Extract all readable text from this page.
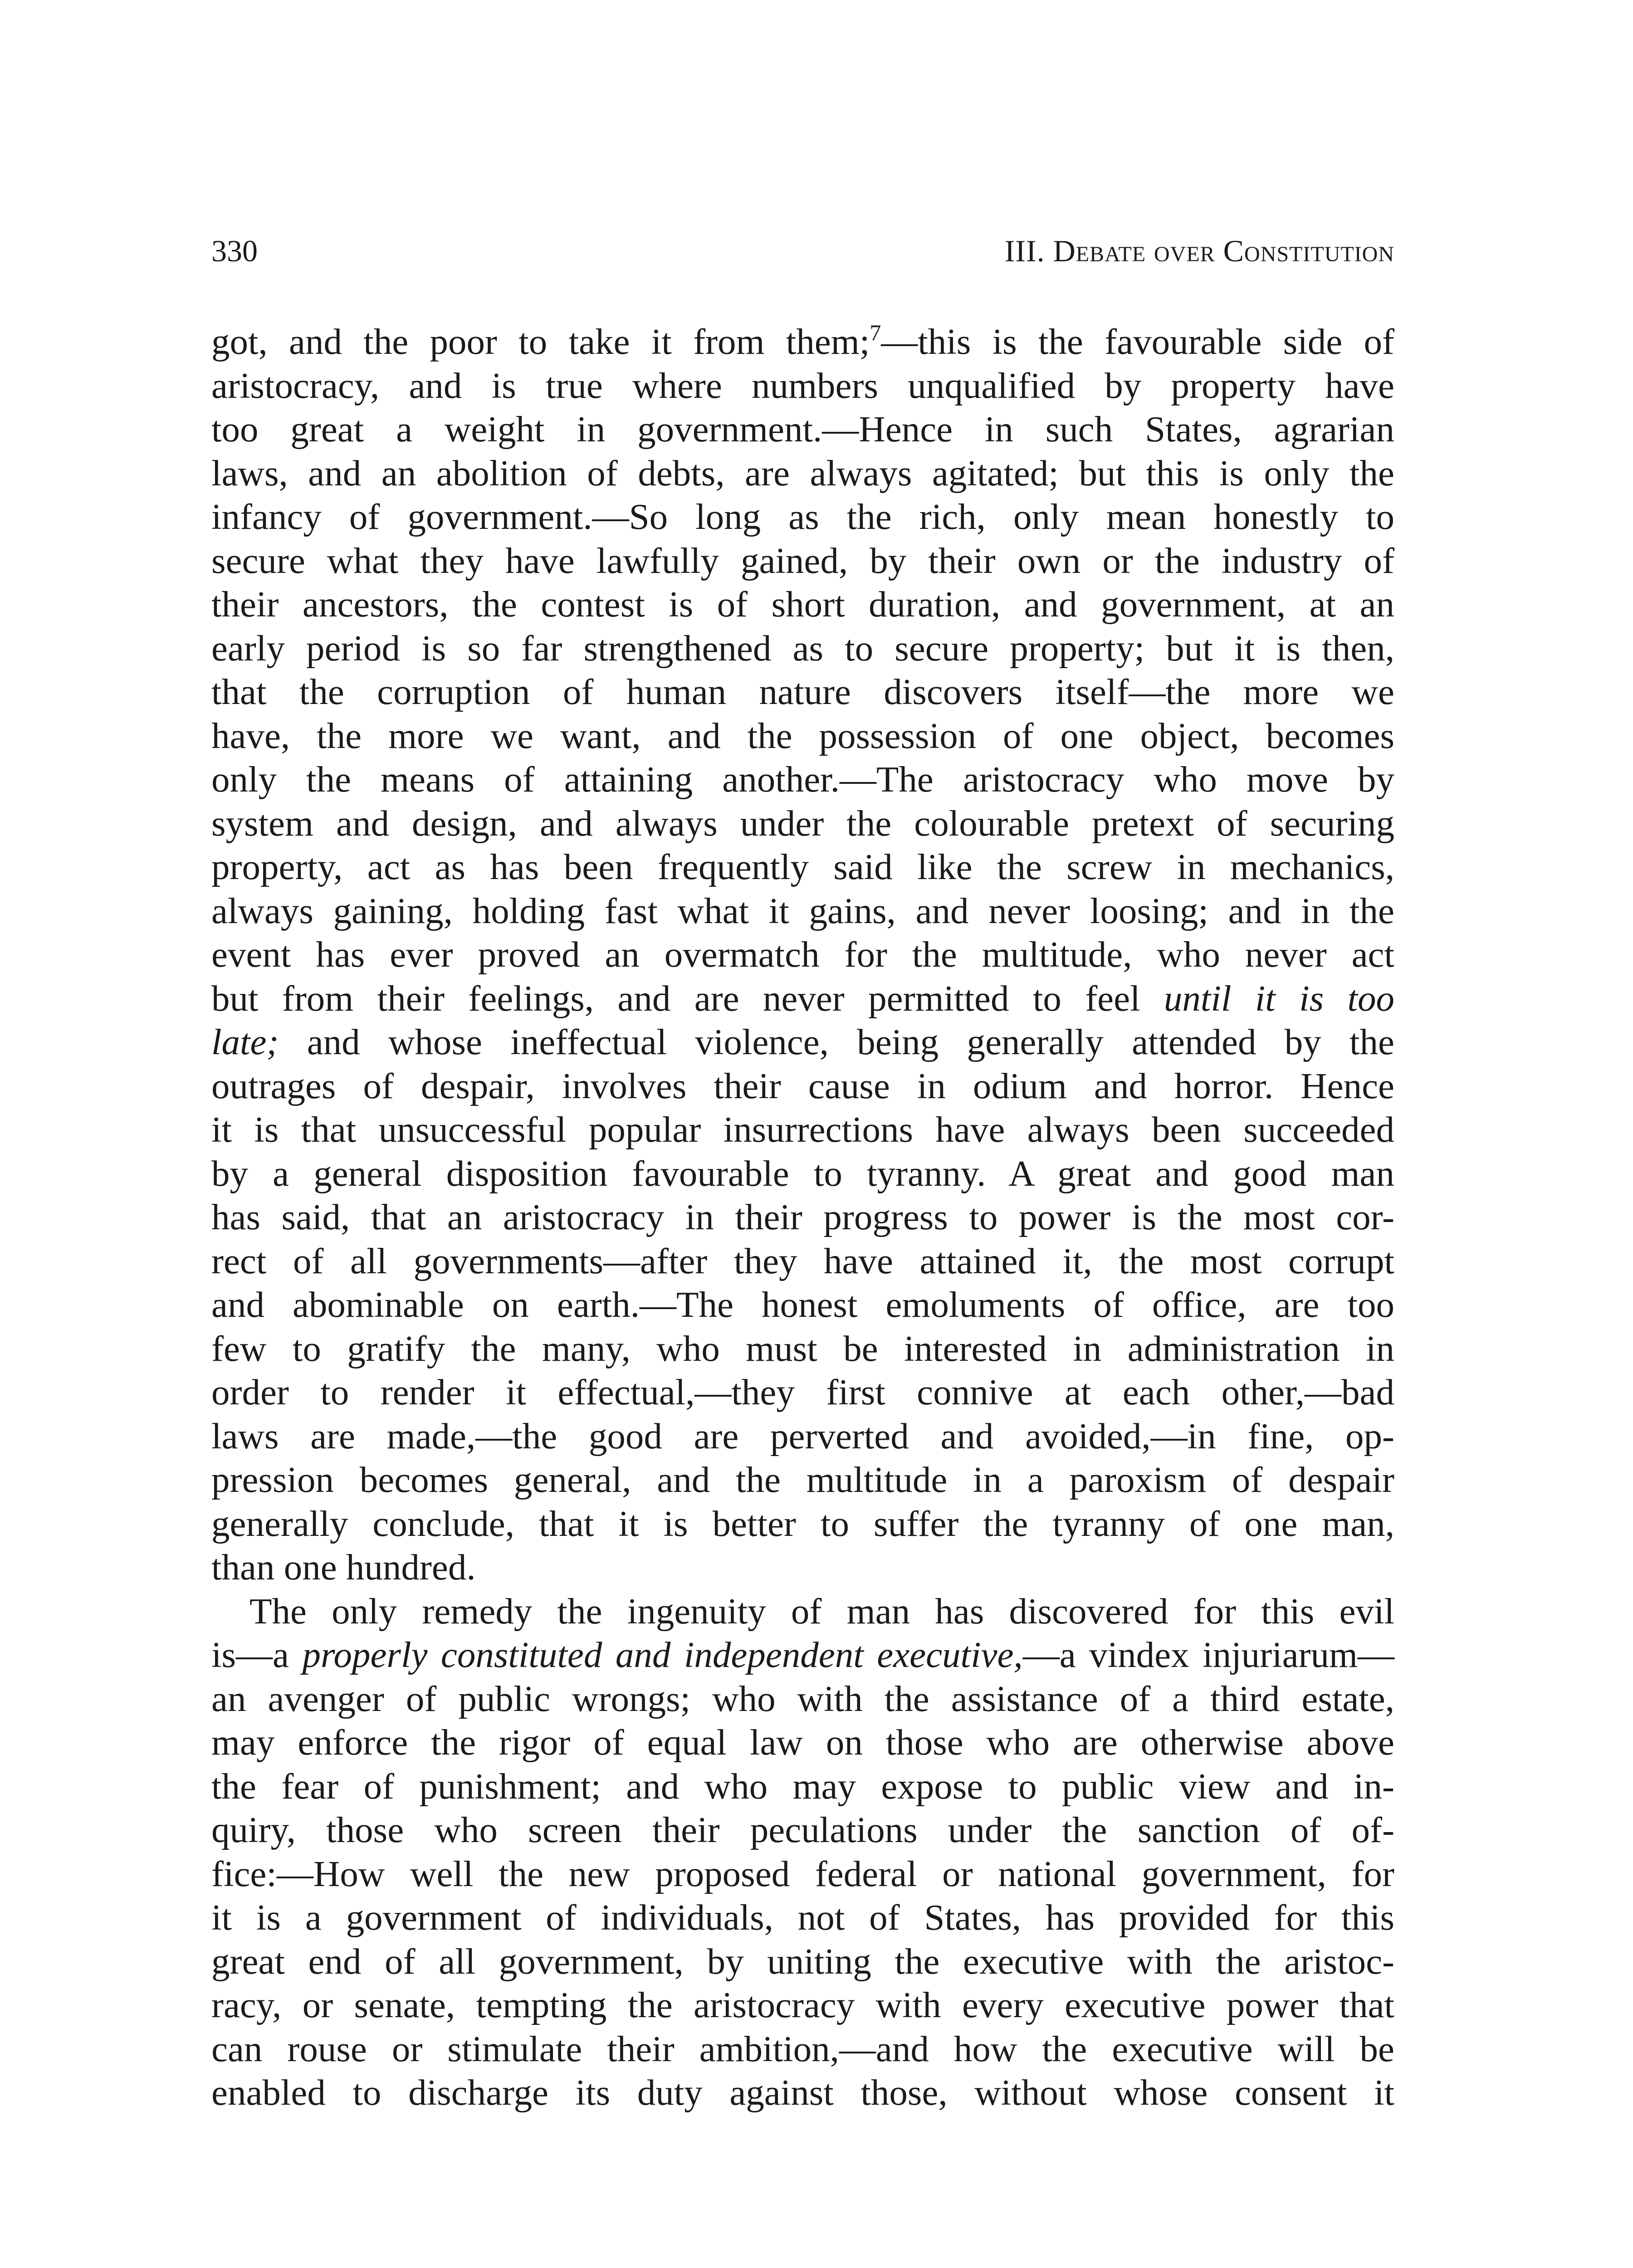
330	III. Debate over Constitution
got, and the poor to take it from them;$^7$—this is the favourable side of
aristocracy, and is true where numbers unqualified by property have
too great a weight in government.—Hence in such States, agrarian
laws, and an abolition of debts, are always agitated; but this is only the
infancy of government.—So long as the rich, only mean honestly to
secure what they have lawfully gained, by their own or the industry of
their ancestors, the contest is of short duration, and government, at an
early period is so far strengthened as to secure property; but it is then,
that the corruption of human nature discovers itself—the more we
have, the more we want, and the possession of one object, becomes
only the means of attaining another.—The aristocracy who move by
system and design, and always under the colourable pretext of securing
property, act as has been frequently said like the screw in mechanics,
always gaining, holding fast what it gains, and never loosing; and in the
event has ever proved an overmatch for the multitude, who never act
but from their feelings, and are never permitted to feel until it is too
late; and whose ineffectual violence, being generally attended by the
outrages of despair, involves their cause in odium and horror. Hence
it is that unsuccessful popular insurrections have always been succeeded
by a general disposition favourable to tyranny. A great and good man
has said, that an aristocracy in their progress to power is the most cor-
rect of all governments—after they have attained it, the most corrupt
and abominable on earth.—The honest emoluments of office, are too
few to gratify the many, who must be interested in administration in
order to render it effectual,—they first connive at each other,—bad
laws are made,—the good are perverted and avoided,—in fine, op-
pression becomes general, and the multitude in a paroxism of despair
generally conclude, that it is better to suffer the tyranny of one man,
than one hundred.
The only remedy the ingenuity of man has discovered for this evil
is—a properly constituted and independent executive,—a vindex injuriarum—
an avenger of public wrongs; who with the assistance of a third estate,
may enforce the rigor of equal law on those who are otherwise above
the fear of punishment; and who may expose to public view and in-
quiry, those who screen their peculations under the sanction of of-
fice:—How well the new proposed federal or national government, for
it is a government of individuals, not of States, has provided for this
great end of all government, by uniting the executive with the aristoc-
racy, or senate, tempting the aristocracy with every executive power that
can rouse or stimulate their ambition,—and how the executive will be
enabled to discharge its duty against those, without whose consent it
